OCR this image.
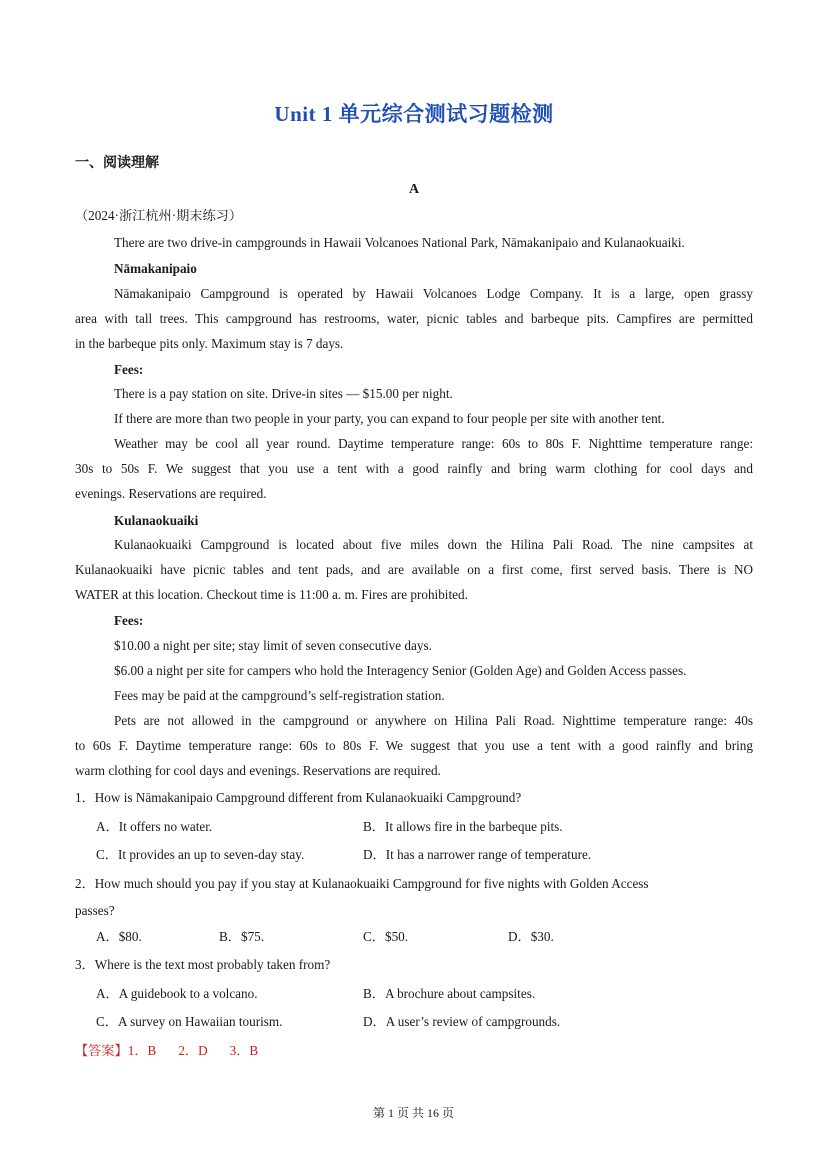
Unit 1 单元综合测试习题检测
一、阅读理解
A
（2024·浙江杭州·期末练习）
There are two drive-in campgrounds in Hawaii Volcanoes National Park, Nāmakanipaio and Kulanaokuaiki.
Nāmakanipaio
Nāmakanipaio Campground is operated by Hawaii Volcanoes Lodge Company. It is a large, open grassy
area with tall trees. This campground has restrooms, water, picnic tables and barbeque pits. Campfires are permitted
in the barbeque pits only. Maximum stay is 7 days.
Fees:
There is a pay station on site. Drive-in sites — $15.00 per night.
If there are more than two people in your party, you can expand to four people per site with another tent.
Weather may be cool all year round. Daytime temperature range: 60s to 80s F. Nighttime temperature range:
30s to 50s F. We suggest that you use a tent with a good rainfly and bring warm clothing for cool days and
evenings. Reservations are required.
Kulanaokuaiki
Kulanaokuaiki Campground is located about five miles down the Hilina Pali Road. The nine campsites at
Kulanaokuaiki have picnic tables and tent pads, and are available on a first come, first served basis. There is NO
WATER at this location. Checkout time is 11:00 a. m. Fires are prohibited.
Fees:
$10.00 a night per site; stay limit of seven consecutive days.
$6.00 a night per site for campers who hold the Interagency Senior (Golden Age) and Golden Access passes.
Fees may be paid at the campground’s self-registration station.
Pets are not allowed in the campground or anywhere on Hilina Pali Road. Nighttime temperature range: 40s
to 60s F. Daytime temperature range: 60s to 80s F. We suggest that you use a tent with a good rainfly and bring
warm clothing for cool days and evenings. Reservations are required.
1．How is Nāmakanipaio Campground different from Kulanaokuaiki Campground?
A．It offers no water.	B．It allows fire in the barbeque pits.
C．It provides an up to seven-day stay.	D．It has a narrower range of temperature.
2．How much should you pay if you stay at Kulanaokuaiki Campground for five nights with Golden Access
passes?
A．$80.	B．$75.	C．$50.	D．$30.
3．Where is the text most probably taken from?
A．A guidebook to a volcano.	B．A brochure about campsites.
C．A survey on Hawaiian tourism.	D．A user’s review of campgrounds.
【答案】1．B 2．D 3．B
第 1 页 共 16 页
